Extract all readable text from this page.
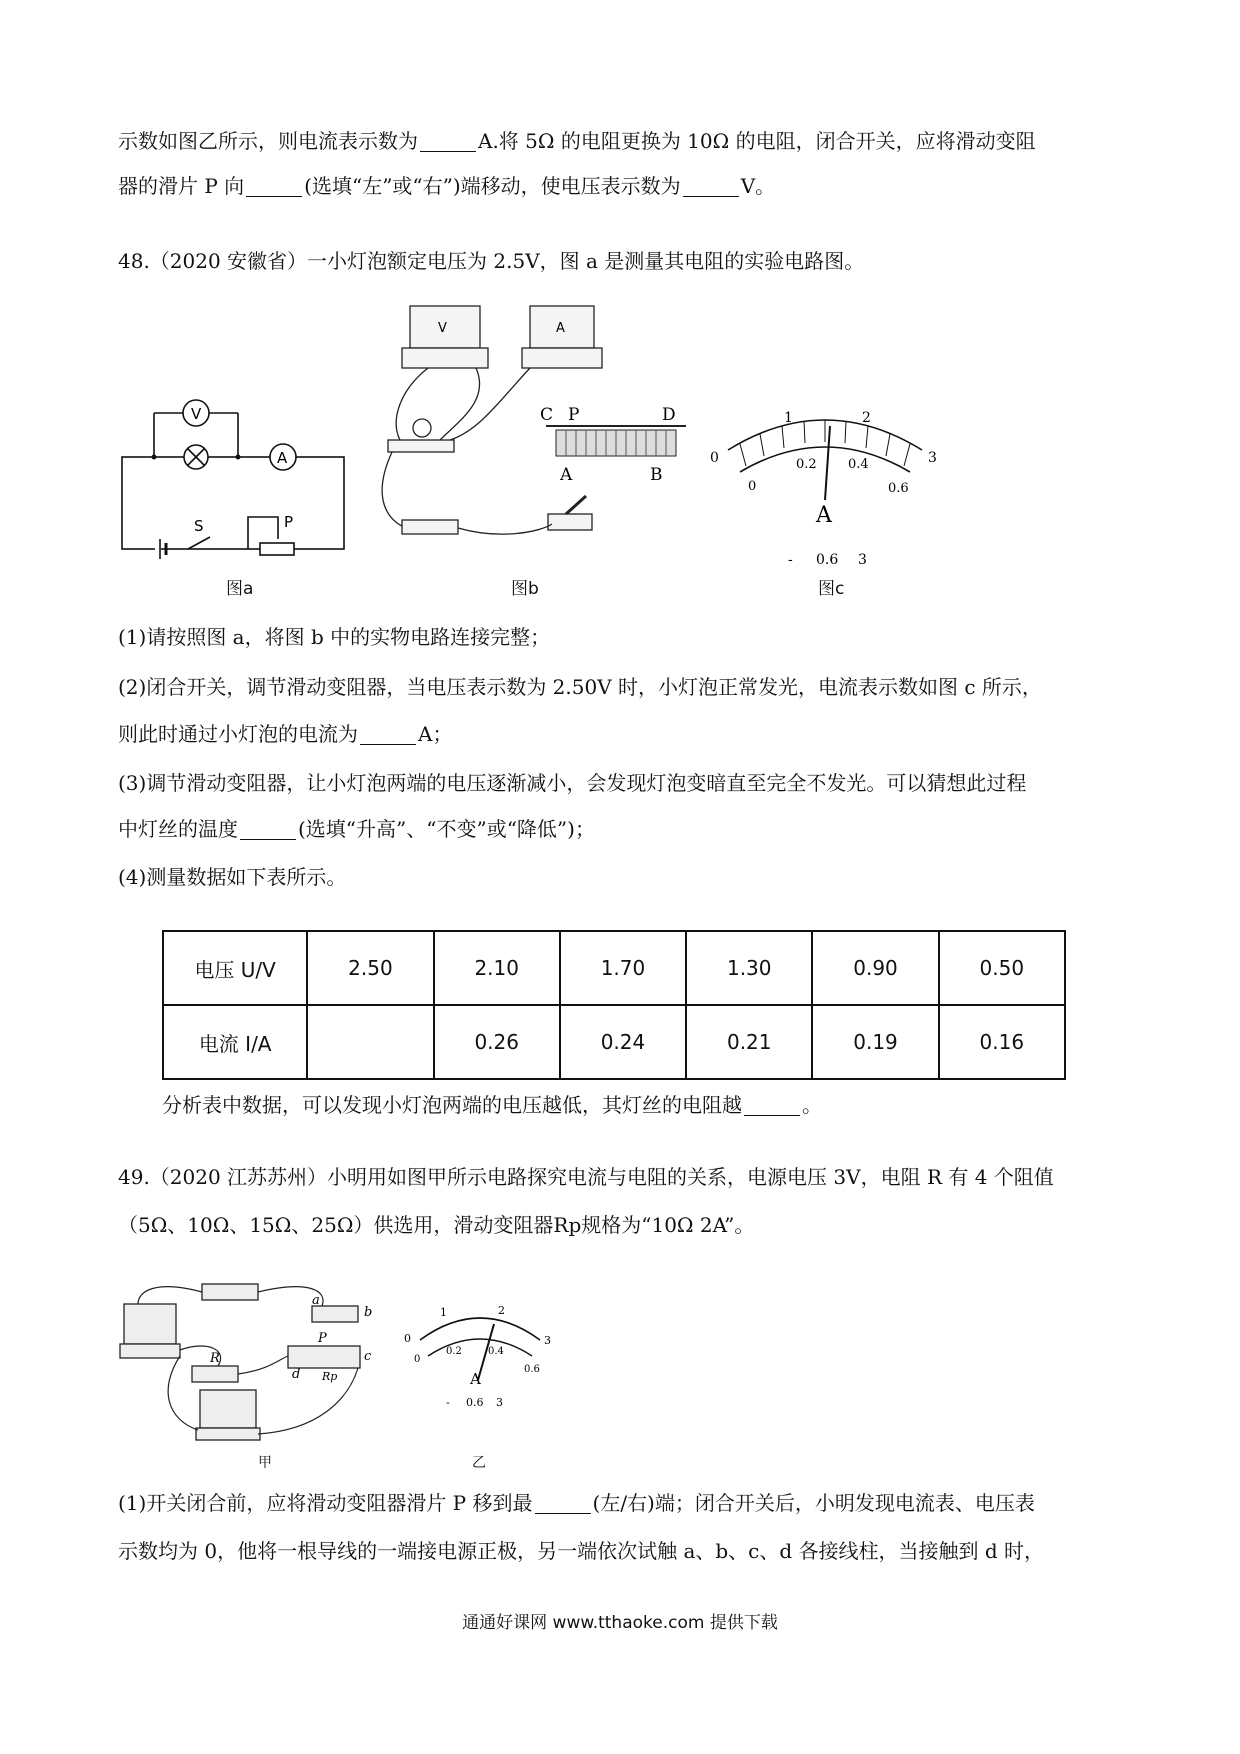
示数如图乙所示，则电流表示数为	A.将 5Ω 的电阻更换为 10Ω 的电阻，闭合开关，应将滑动变阻
器的滑片 P 向	(选填“左”或“右”)端移动，使电压表示数为	V。
48.（2020 安徽省）一小灯泡额定电压为 2.5V，图 a 是测量其电阻的实验电路图。
V
A
S	P
图a
V	A
图b
C P	D
A	B
0
1	2
3
0
0.2 0.4
0.6
A
- 0.6 3
图c
(1)请按照图 a，将图 b 中的实物电路连接完整；
(2)闭合开关，调节滑动变阻器，当电压表示数为 2.50V 时，小灯泡正常发光，电流表示数如图 c 所示，
则此时通过小灯泡的电流为	A；
(3)调节滑动变阻器，让小灯泡两端的电压逐渐减小，会发现灯泡变暗直至完全不发光。可以猜想此过程
中灯丝的温度	(选填“升高”、“不变”或“降低”)；
(4)测量数据如下表所示。
电压 U/V	2.50	2.10	1.70	1.30	0.90	0.50
电流 I/A		0.26	0.24	0.21	0.19	0.16
分析表中数据，可以发现小灯泡两端的电压越低，其灯丝的电阻越	。
49.（2020 江苏苏州）小明用如图甲所示电路探究电流与电阻的关系，电源电压 3V，电阻 R 有 4 个阻值
（5Ω、10Ω、15Ω、25Ω）供选用，滑动变阻器Rp规格为“10Ω 2A”。
a
b
c
d
R
P
Rp
甲
0
1	2
3
0
0.2	0.4
0.6
A
- 0.6 3
乙
(1)开关闭合前，应将滑动变阻器滑片 P 移到最	(左/右)端；闭合开关后，小明发现电流表、电压表
示数均为 0，他将一根导线的一端接电源正极，另一端依次试触 a、b、c、d 各接线柱，当接触到 d 时，
通通好课网 www.tthaoke.com 提供下载
